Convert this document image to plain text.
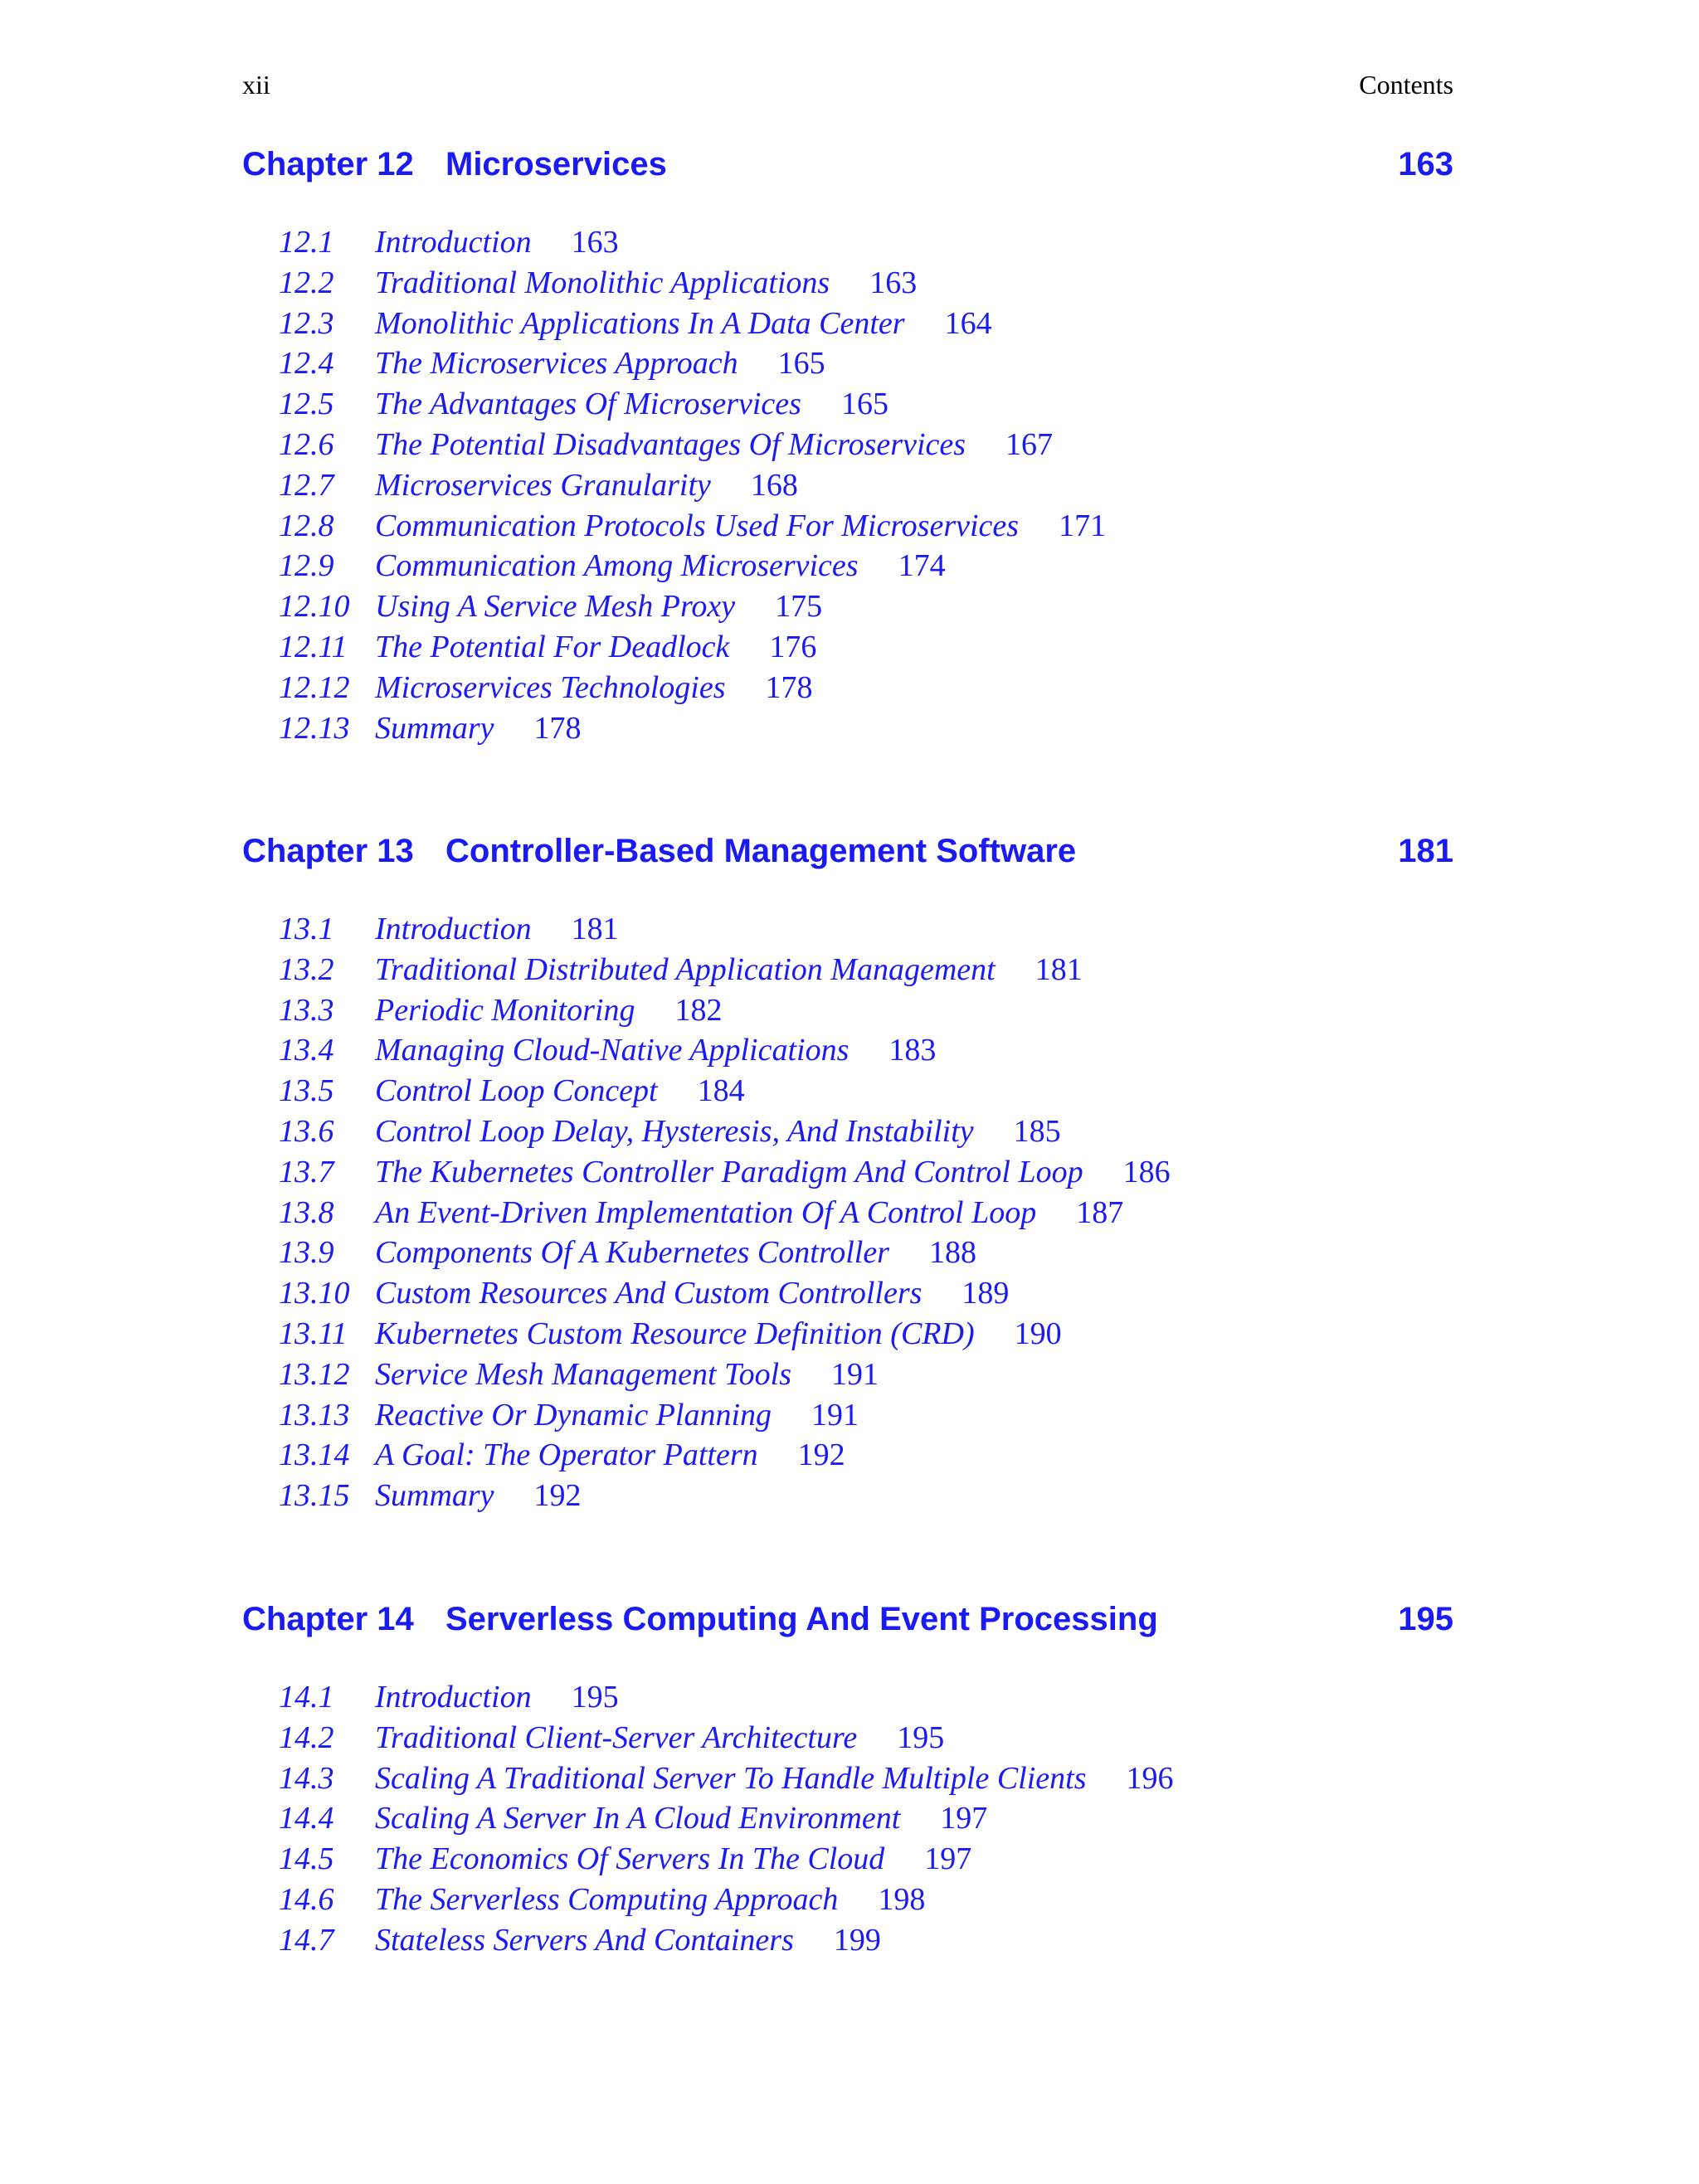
xii	Contents
Chapter 12 Microservices	163
12.1 Introduction 163
12.2 Traditional Monolithic Applications 163
12.3 Monolithic Applications In A Data Center 164
12.4 The Microservices Approach 165
12.5 The Advantages Of Microservices 165
12.6 The Potential Disadvantages Of Microservices 167
12.7 Microservices Granularity 168
12.8 Communication Protocols Used For Microservices 171
12.9 Communication Among Microservices 174
12.10 Using A Service Mesh Proxy 175
12.11 The Potential For Deadlock 176
12.12 Microservices Technologies 178
12.13 Summary 178
Chapter 13 Controller-Based Management Software	181
13.1 Introduction 181
13.2 Traditional Distributed Application Management 181
13.3 Periodic Monitoring 182
13.4 Managing Cloud-Native Applications 183
13.5 Control Loop Concept 184
13.6 Control Loop Delay, Hysteresis, And Instability 185
13.7 The Kubernetes Controller Paradigm And Control Loop 186
13.8 An Event-Driven Implementation Of A Control Loop 187
13.9 Components Of A Kubernetes Controller 188
13.10 Custom Resources And Custom Controllers 189
13.11 Kubernetes Custom Resource Definition (CRD) 190
13.12 Service Mesh Management Tools 191
13.13 Reactive Or Dynamic Planning 191
13.14 A Goal: The Operator Pattern 192
13.15 Summary 192
Chapter 14 Serverless Computing And Event Processing	195
14.1 Introduction 195
14.2 Traditional Client-Server Architecture 195
14.3 Scaling A Traditional Server To Handle Multiple Clients 196
14.4 Scaling A Server In A Cloud Environment 197
14.5 The Economics Of Servers In The Cloud 197
14.6 The Serverless Computing Approach 198
14.7 Stateless Servers And Containers 199
